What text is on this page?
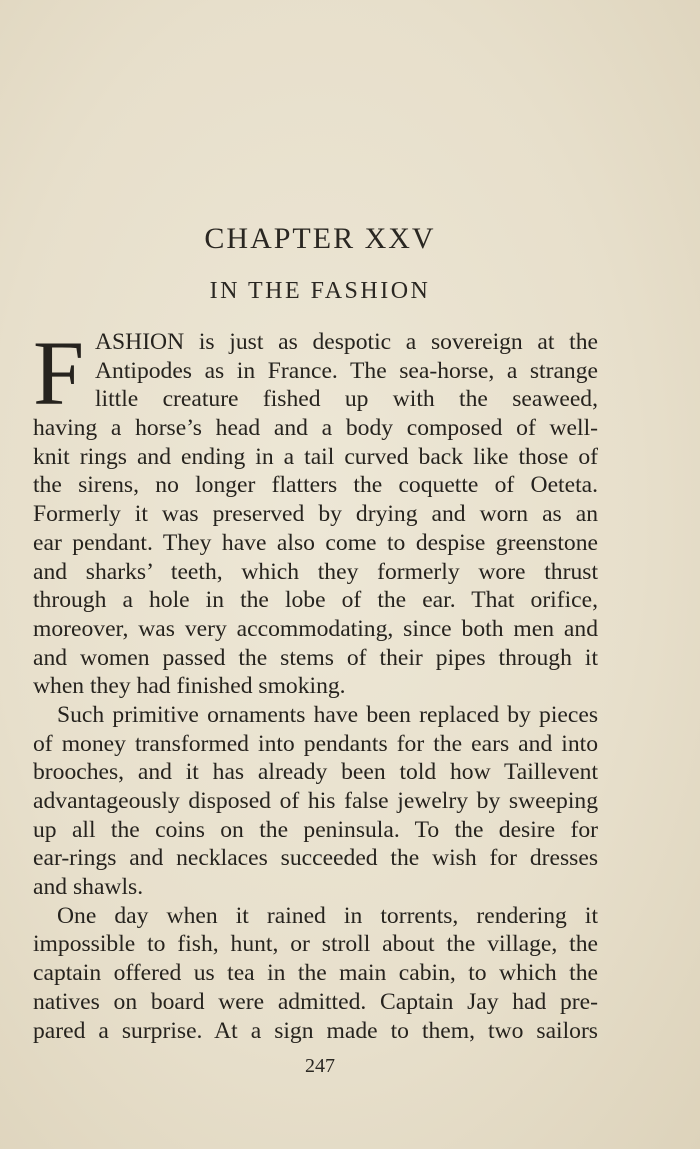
CHAPTER XXV
IN THE FASHION
F ASHION is just as despotic a sovereign at the
Antipodes as in France. The sea-horse, a strange
little creature fished up with the seaweed,
having a horse’s head and a body composed of well-
knit rings and ending in a tail curved back like those of
the sirens, no longer flatters the coquette of Oeteta.
Formerly it was preserved by drying and worn as an
ear pendant. They have also come to despise greenstone
and sharks’ teeth, which they formerly wore thrust
through a hole in the lobe of the ear. That orifice,
moreover, was very accommodating, since both men and
and women passed the stems of their pipes through it
when they had finished smoking.
Such primitive ornaments have been replaced by pieces
of money transformed into pendants for the ears and into
brooches, and it has already been told how Taillevent
advantageously disposed of his false jewelry by sweeping
up all the coins on the peninsula. To the desire for
ear-rings and necklaces succeeded the wish for dresses
and shawls.
One day when it rained in torrents, rendering it
impossible to fish, hunt, or stroll about the village, the
captain offered us tea in the main cabin, to which the
natives on board were admitted. Captain Jay had pre-
pared a surprise. At a sign made to them, two sailors
247
